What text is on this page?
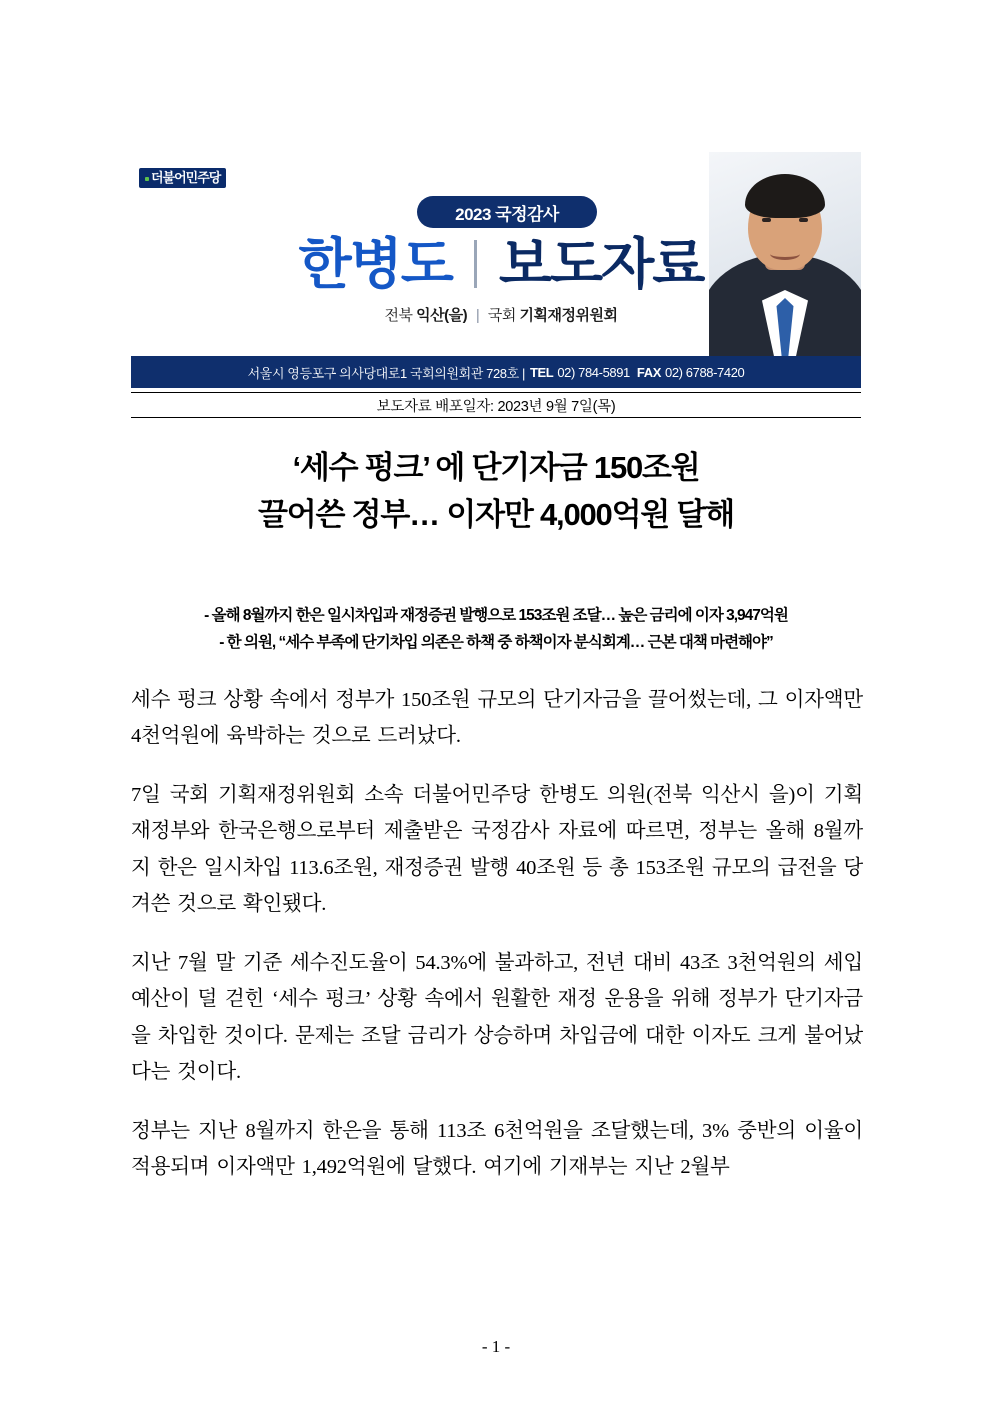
더불어민주당
2023 국정감사
한병도 보도자료
전북 익산(을) | 국회 기획재정위원회
서울시 영등포구 의사당대로1 국회의원회관 728호 | TEL 02) 784-5891 FAX 02) 6788-7420
보도자료 배포일자: 2023년 9월 7일(목)
‘세수 펑크’ 에 단기자금 150조원
끌어쓴 정부… 이자만 4,000억원 달해
- 올해 8월까지 한은 일시차입과 재정증권 발행으로 153조원 조달… 높은 금리에 이자 3,947억원
- 한 의원, “세수 부족에 단기차입 의존은 하책 중 하책이자 분식회계… 근본 대책 마련해야”

세수 펑크 상황 속에서 정부가 150조원 규모의 단기자금을 끌어썼는데, 그 이자액만 4천억원에 육박하는 것으로 드러났다.

7일 국회 기획재정위원회 소속 더불어민주당 한병도 의원(전북 익산시 을)이 기획재정부와 한국은행으로부터 제출받은 국정감사 자료에 따르면, 정부는 올해 8월까지 한은 일시차입 113.6조원, 재정증권 발행 40조원 등 총 153조원 규모의 급전을 당겨쓴 것으로 확인됐다.

지난 7월 말 기준 세수진도율이 54.3%에 불과하고, 전년 대비 43조 3천억원의 세입예산이 덜 걷힌 ‘세수 펑크’ 상황 속에서 원활한 재정 운용을 위해 정부가 단기자금을 차입한 것이다. 문제는 조달 금리가 상승하며 차입금에 대한 이자도 크게 불어났다는 것이다.

정부는 지난 8월까지 한은을 통해 113조 6천억원을 조달했는데, 3% 중반의 이율이 적용되며 이자액만 1,492억원에 달했다. 여기에 기재부는 지난 2월부

- 1 -
